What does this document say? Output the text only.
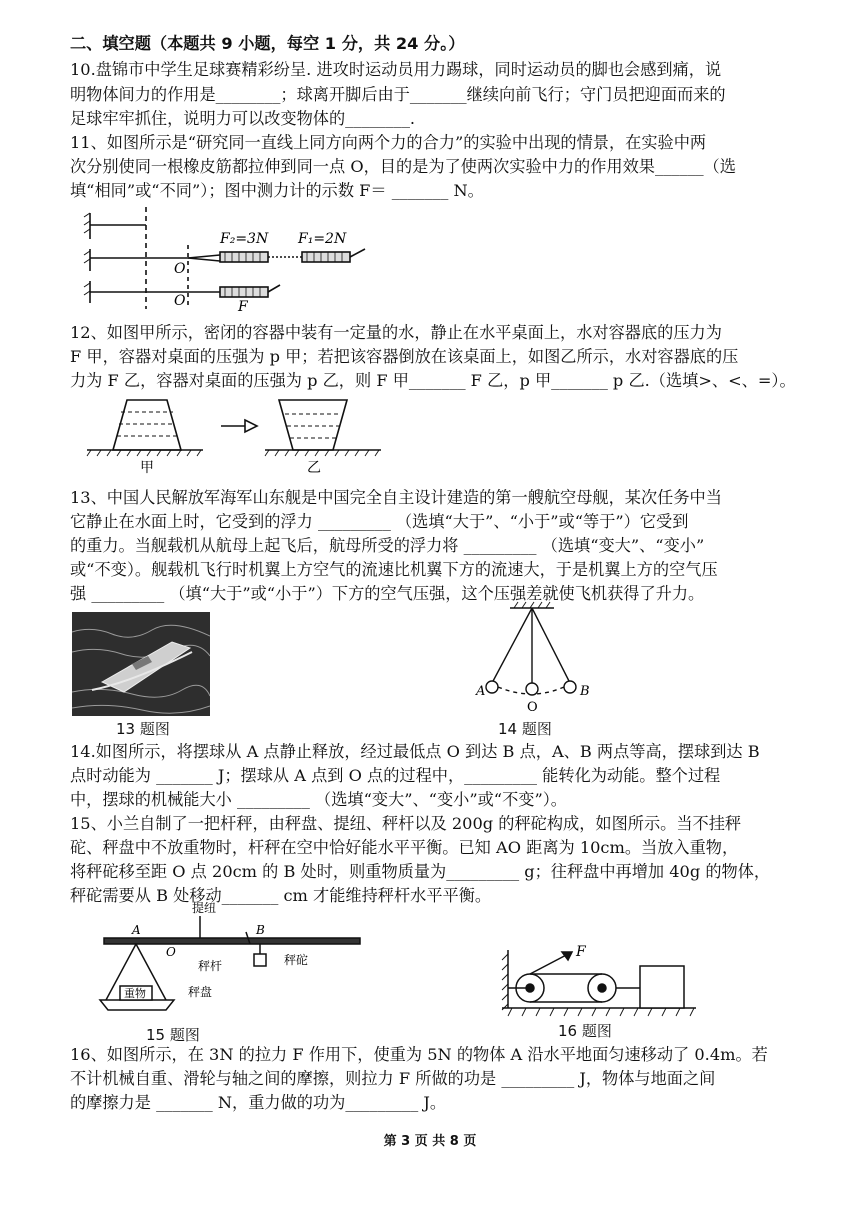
二、填空题（本题共 9 小题，每空 1 分，共 24 分。）
10.盘锦市中学生足球赛精彩纷呈. 进攻时运动员用力踢球，同时运动员的脚也会感到痛，说
明物体间力的作用是________；球离开脚后由于_______继续向前飞行；守门员把迎面而来的
足球牢牢抓住，说明力可以改变物体的________.
11、如图所示是“研究同一直线上同方向两个力的合力”的实验中出现的情景，在实验中两
次分别使同一根橡皮筋都拉伸到同一点 O，目的是为了使两次实验中力的作用效果______（选
填“相同”或“不同”）；图中测力计的示数 F＝ _______ N。
F₂=3N F₁=2N
O
O	F
12、如图甲所示，密闭的容器中装有一定量的水，静止在水平桌面上，水对容器底的压力为
F 甲，容器对桌面的压强为 p 甲；若把该容器倒放在该桌面上，如图乙所示，水对容器底的压
力为 F 乙，容器对桌面的压强为 p 乙，则 F 甲_______ F 乙，p 甲_______ p 乙.（选填>、<、=）。
甲	乙
13、中国人民解放军海军山东舰是中国完全自主设计建造的第一艘航空母舰，某次任务中当
它静止在水面上时，它受到的浮力 _________ （选填“大于”、“小于”或“等于”）它受到
的重力。当舰载机从航母上起飞后，航母所受的浮力将 _________ （选填“变大”、“变小”
或“不变）。舰载机飞行时机翼上方空气的流速比机翼下方的流速大，于是机翼上方的空气压
强 _________ （填“大于”或“小于”）下方的空气压强，这个压强差就使飞机获得了升力。
13 题图
A
O
B
14 题图
14.如图所示，将摆球从 A 点静止释放，经过最低点 O 到达 B 点，A、B 两点等高，摆球到达 B
点时动能为 _______ J；摆球从 A 点到 O 点的过程中，_________ 能转化为动能。整个过程
中，摆球的机械能大小 _________ （选填“变大”、“变小”或“不变”）。
15、小兰自制了一把杆秤，由秤盘、提纽、秤杆以及 200g 的秤砣构成，如图所示。当不挂秤
砣、秤盘中不放重物时，杆秤在空中恰好能水平平衡。已知 AO 距离为 10cm。当放入重物，
将秤砣移至距 O 点 20cm 的 B 处时，则重物质量为_________ g；往秤盘中再增加 40g 的物体，
秤砣需要从 B 处移动_______ cm 才能维持秤杆水平平衡。
提纽
A
O
B
秤杆	秤砣
重物	秤盘
15 题图
F
16 题图
16、如图所示，在 3N 的拉力 F 作用下，使重为 5N 的物体 A 沿水平地面匀速移动了 0.4m。若
不计机械自重、滑轮与轴之间的摩擦，则拉力 F 所做的功是 _________ J，物体与地面之间
的摩擦力是 _______ N，重力做的功为_________ J。
第 3 页 共 8 页
